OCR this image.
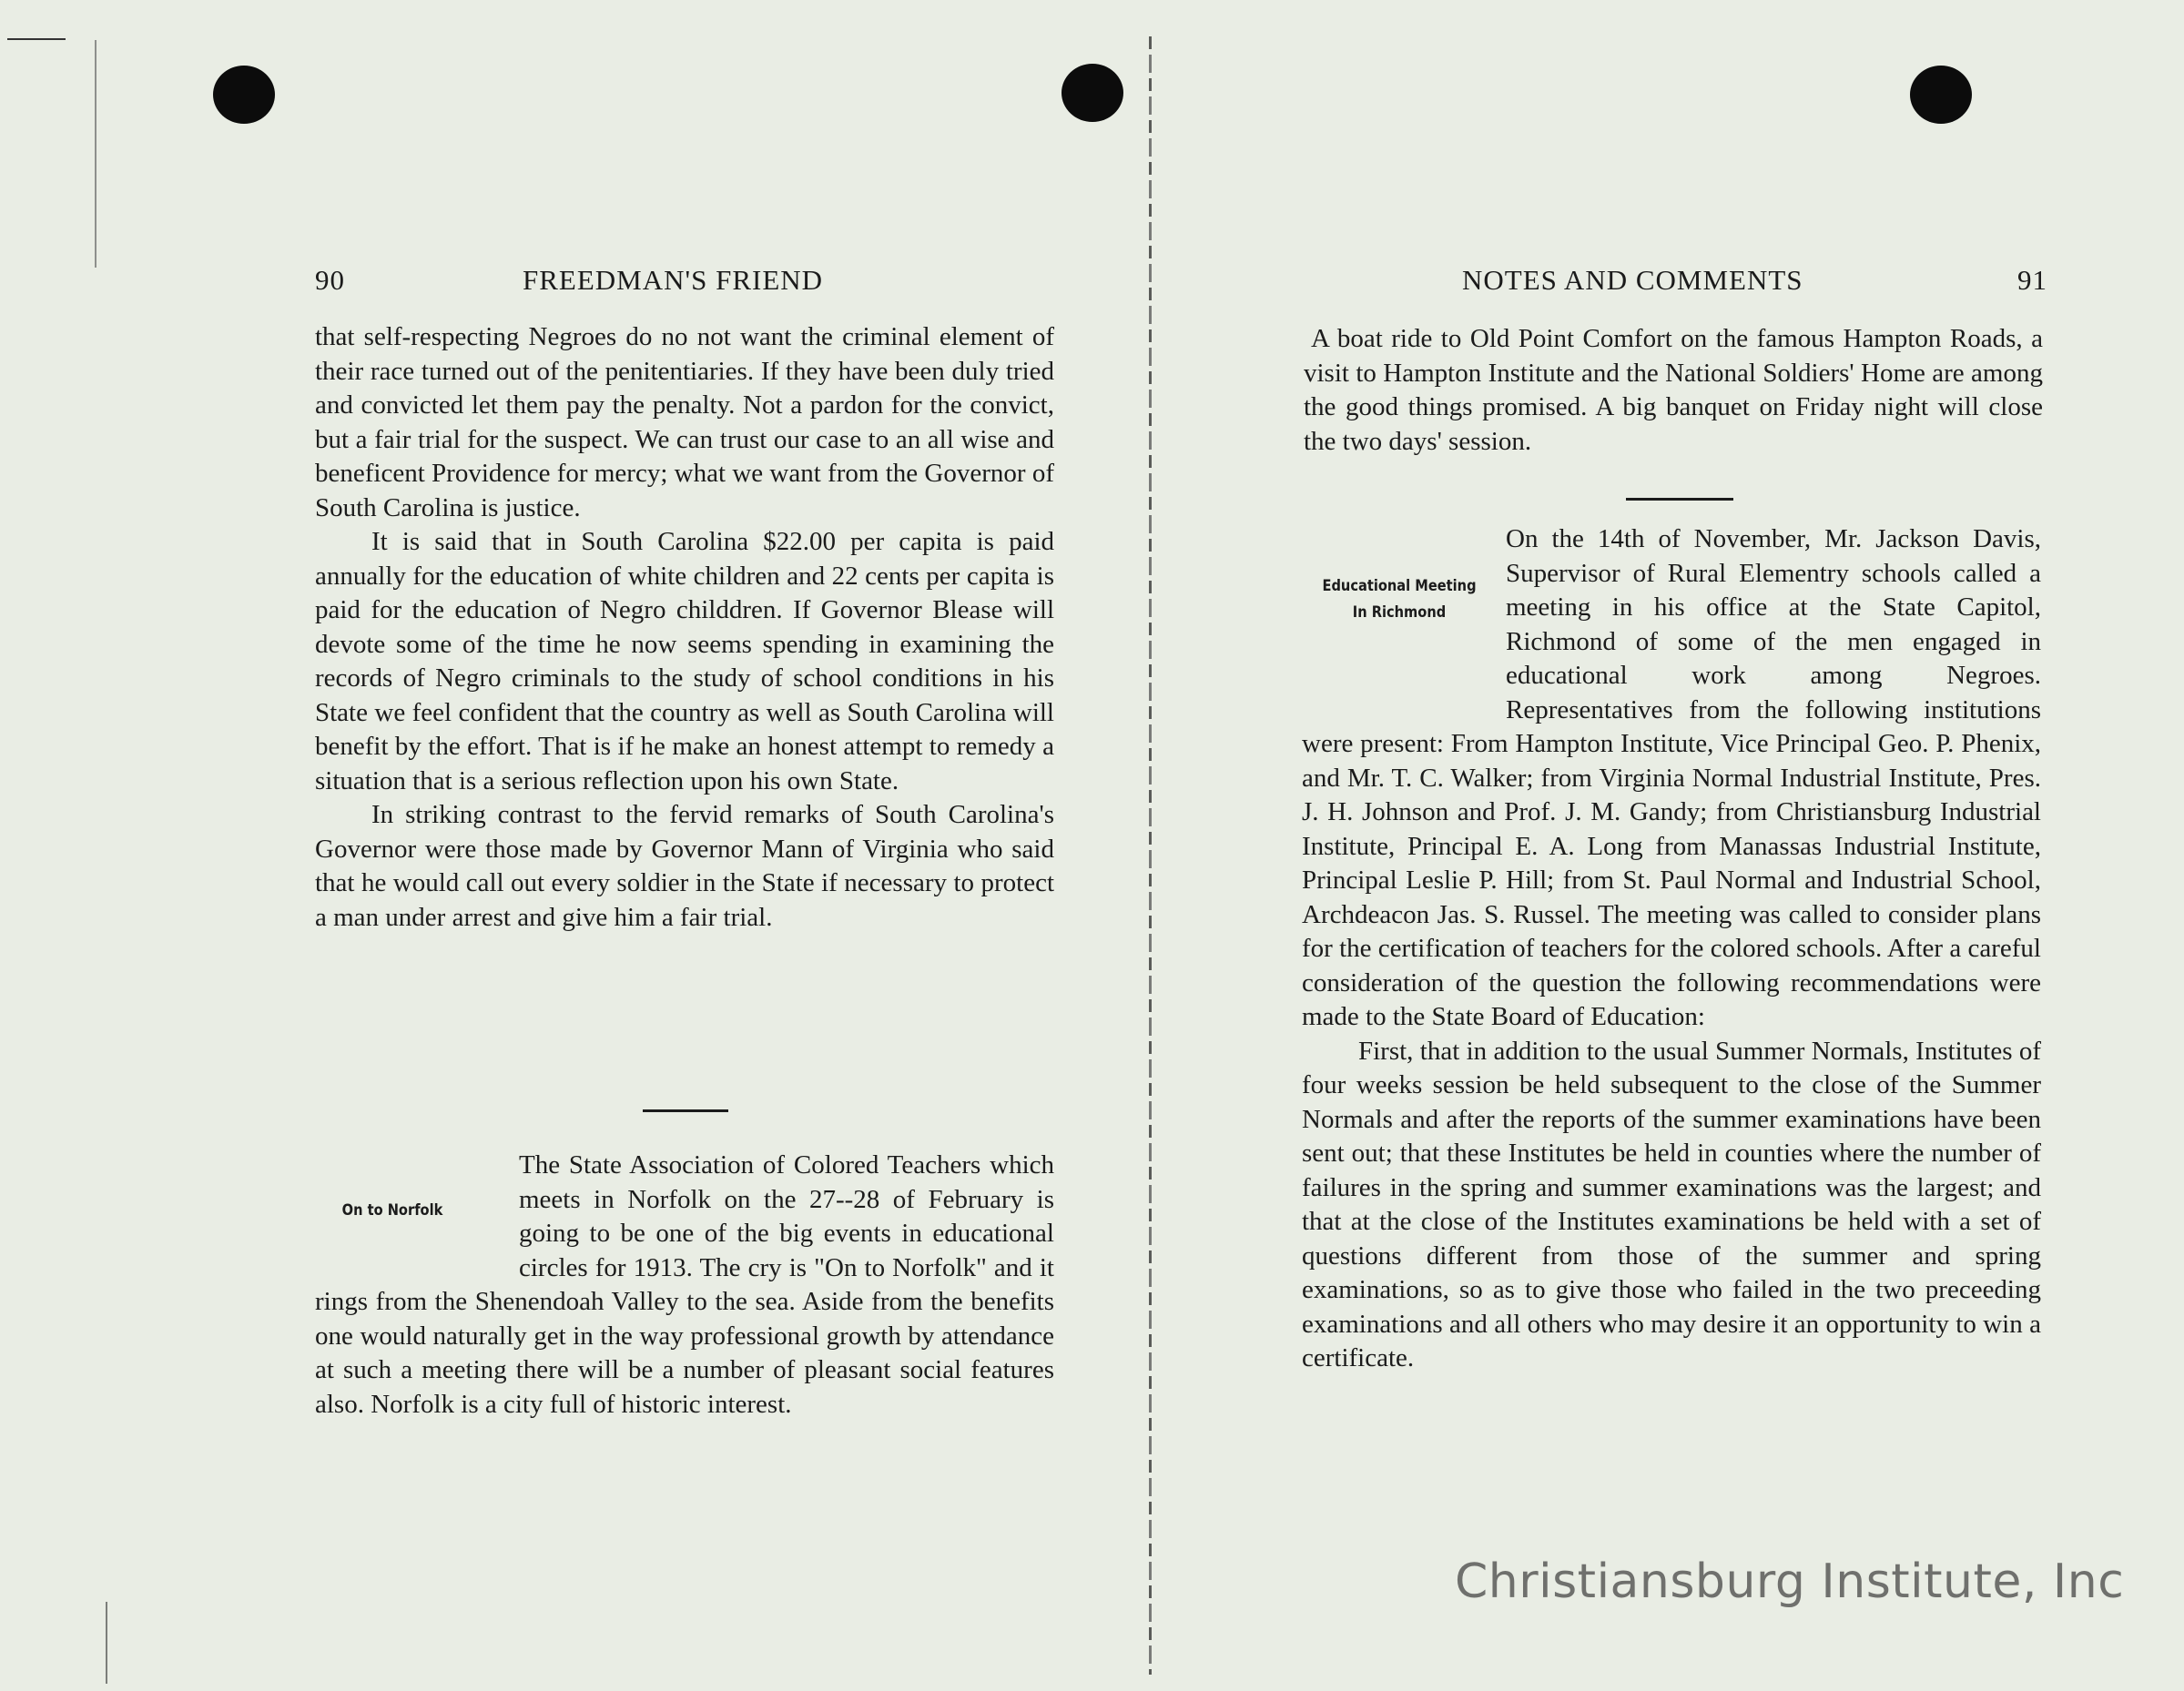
90	FREEDMAN'S FRIEND

that self-respecting Negroes do no not want the criminal element of their race turned out of the penitentiaries. If they have been duly tried and convicted let them pay the penalty. Not a pardon for the convict, but a fair trial for the suspect. We can trust our case to an all wise and beneficent Providence for mercy; what we want from the Governor of South Carolina is justice.

It is said that in South Carolina $22.00 per capita is paid annually for the education of white children and 22 cents per capita is paid for the education of Negro childdren. If Governor Blease will devote some of the time he now seems spending in examining the records of Negro criminals to the study of school conditions in his State we feel confident that the country as well as South Carolina will benefit by the effort. That is if he make an honest attempt to remedy a situation that is a serious reflection upon his own State.

In striking contrast to the fervid remarks of South Carolina's Governor were those made by Governor Mann of Virginia who said that he would call out every soldier in the State if necessary to protect a man under arrest and give him a fair trial.

On to Norfolk

The State Association of Colored Teachers which meets in Norfolk on the 27--28 of February is going to be one of the big events in educational circles for 1913. The cry is "On to Norfolk" and it rings from the Shenendoah Valley to the sea. Aside from the benefits one would naturally get in the way professional growth by attendance at such a meeting there will be a number of pleasant social features also. Norfolk is a city full of historic interest.

NOTES AND COMMENTS	91

A boat ride to Old Point Comfort on the famous Hampton Roads, a visit to Hampton Institute and the National Soldiers' Home are among the good things promised. A big banquet on Friday night will close the two days' session.

Educational Meeting
In Richmond

On the 14th of November, Mr. Jackson Davis, Supervisor of Rural Elementry schools called a meeting in his office at the State Capitol, Richmond of some of the men engaged in educational work among Negroes. Representatives from the following institutions were present: From Hampton Institute, Vice Principal Geo. P. Phenix, and Mr. T. C. Walker; from Virginia Normal Industrial Institute, Pres. J. H. Johnson and Prof. J. M. Gandy; from Christiansburg Industrial Institute, Principal E. A. Long from Manassas Industrial Institute, Principal Leslie P. Hill; from St. Paul Normal and Industrial School, Archdeacon Jas. S. Russel. The meeting was called to consider plans for the certification of teachers for the colored schools. After a careful consideration of the question the following recommendations were made to the State Board of Education:

First, that in addition to the usual Summer Normals, Institutes of four weeks session be held subsequent to the close of the Summer Normals and after the reports of the summer examinations have been sent out; that these Institutes be held in counties where the number of failures in the spring and summer examinations was the largest; and that at the close of the Institutes examinations be held with a set of questions different from those of the summer and spring examinations, so as to give those who failed in the two preceeding examinations and all others who may desire it an opportunity to win a certificate.

Christiansburg Institute, Inc
